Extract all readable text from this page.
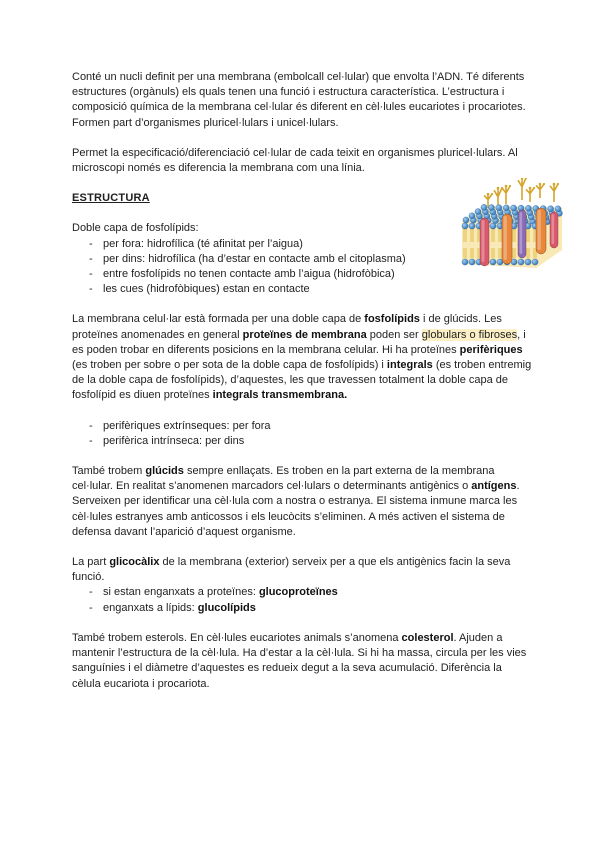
Conté un nucli definit per una membrana (embolcall cel·lular) que envolta l’ADN. Té diferents estructures (orgànuls) els quals tenen una funció i estructura característica. L’estructura i composició química de la membrana cel·lular és diferent en cèl·lules eucariotes i procariotes. Formen part d’organismes pluricel·lulars i unicel·lulars.

Permet la especificació/diferenciació cel·lular de cada teixit en organismes pluricel·lulars. Al microscopi només es diferencia la membrana com una línia.

ESTRUCTURA

Doble capa de fosfolípids:

- per fora: hidrofílica (té afinitat per l’aigua)
- per dins: hidrofílica (ha d’estar en contacte amb el citoplasma)
- entre fosfolípids no tenen contacte amb l’aigua (hidrofòbica)
- les cues (hidrofòbiques) estan en contacte

La membrana celul·lar està formada per una doble capa de fosfolípids i de glúcids. Les proteïnes anomenades en general proteïnes de membrana poden ser globulars o fibroses, i es poden trobar en diferents posicions en la membrana celular. Hi ha proteïnes perifèriques (es troben per sobre o per sota de la doble capa de fosfolípids) i integrals (es troben entremig de la doble capa de fosfolípids), d’aquestes, les que travessen totalment la doble capa de fosfolípid es diuen proteïnes integrals transmembrana.

- perifèriques extrínseques: per fora
- perifèrica intrínseca: per dins

També trobem glúcids sempre enllaçats. Es troben en la part externa de la membrana cel·lular. En realitat s’anomenen marcadors cel·lulars o determinants antigènics o antígens. Serveixen per identificar una cèl·lula com a nostra o estranya. El sistema inmune marca les cèl·lules estranyes amb anticossos i els leucòcits s’eliminen. A més activen el sistema de defensa davant l’aparició d’aquest organisme.

La part glicocàlix de la membrana (exterior) serveix per a que els antigènics facin la seva funció.

- si estan enganxats a proteïnes: glucoproteïnes
- enganxats a lípids: glucolípids

També trobem esterols. En cèl·lules eucariotes animals s’anomena colesterol. Ajuden a mantenir l’estructura de la cèl·lula. Ha d’estar a la cèl·lula. Si hi ha massa, circula per les vies sanguínies i el diàmetre d’aquestes es redueix degut a la seva acumulació. Diferència la cèlula eucariota i procariota.
